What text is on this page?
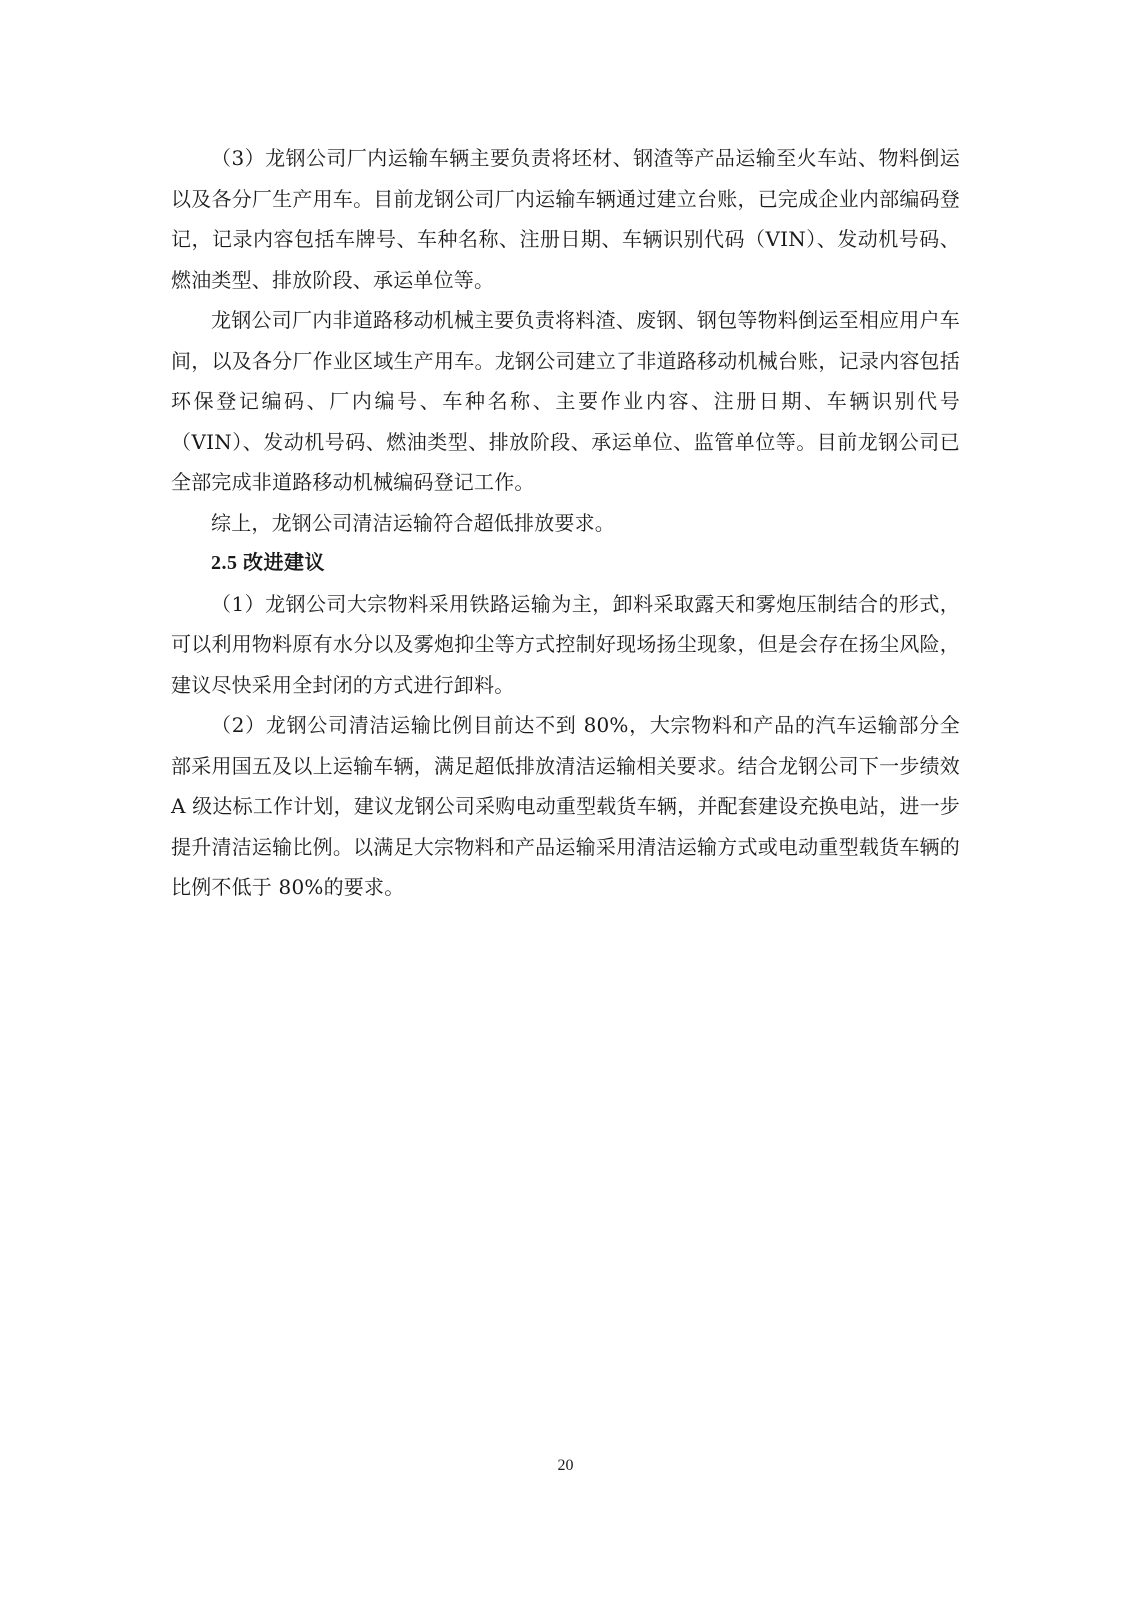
（3）龙钢公司厂内运输车辆主要负责将坯材、钢渣等产品运输至火车站、物料倒运以及各分厂生产用车。目前龙钢公司厂内运输车辆通过建立台账，已完成企业内部编码登记，记录内容包括车牌号、车种名称、注册日期、车辆识别代码（VIN）、发动机号码、燃油类型、排放阶段、承运单位等。

龙钢公司厂内非道路移动机械主要负责将料渣、废钢、钢包等物料倒运至相应用户车间，以及各分厂作业区域生产用车。龙钢公司建立了非道路移动机械台账，记录内容包括环保登记编码、厂内编号、车种名称、主要作业内容、注册日期、车辆识别代号（VIN）、发动机号码、燃油类型、排放阶段、承运单位、监管单位等。目前龙钢公司已全部完成非道路移动机械编码登记工作。

综上，龙钢公司清洁运输符合超低排放要求。

2.5 改进建议

（1）龙钢公司大宗物料采用铁路运输为主，卸料采取露天和雾炮压制结合的形式，可以利用物料原有水分以及雾炮抑尘等方式控制好现场扬尘现象，但是会存在扬尘风险，建议尽快采用全封闭的方式进行卸料。

（2）龙钢公司清洁运输比例目前达不到 80%，大宗物料和产品的汽车运输部分全部采用国五及以上运输车辆，满足超低排放清洁运输相关要求。结合龙钢公司下一步绩效 A 级达标工作计划，建议龙钢公司采购电动重型载货车辆，并配套建设充换电站，进一步提升清洁运输比例。以满足大宗物料和产品运输采用清洁运输方式或电动重型载货车辆的比例不低于 80%的要求。

20
